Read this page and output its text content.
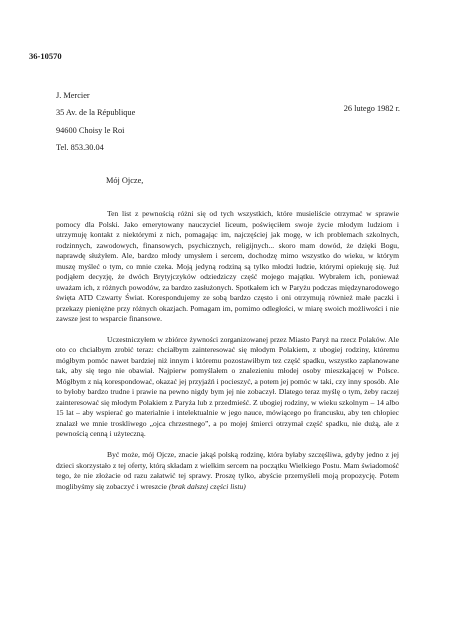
36-10570
J. Mercier
35 Av. de la République
94600 Choisy le Roi
Tel. 853.30.04
26 lutego 1982 r.
Mój Ojcze,

Ten list z pewnością różni się od tych wszystkich, które musieliście otrzymać w sprawie pomocy dla Polski. Jako emerytowany nauczyciel liceum, poświęciłem swoje życie młodym ludziom i utrzymuję kontakt z niektórymi z nich, pomagając im, najczęściej jak mogę, w ich problemach szkolnych, rodzinnych, zawodowych, finansowych, psychicznych, religijnych... skoro mam dowód, że dzięki Bogu, naprawdę służyłem. Ale, bardzo młody umysłem i sercem, dochodzę mimo wszystko do wieku, w którym muszę myśleć o tym, co mnie czeka. Moją jedyną rodziną są tylko młodzi ludzie, którymi opiekuję się. Już podjąłem decyzję, że dwóch Brytyjczyków odziedziczy część mojego majątku. Wybrałem ich, ponieważ uważam ich, z różnych powodów, za bardzo zasłużonych. Spotkałem ich w Paryżu podczas międzynarodowego święta ATD Czwarty Świat. Korespondujemy ze sobą bardzo często i oni otrzymują również małe paczki i przekazy pieniężne przy różnych okazjach. Pomagam im, pomimo odległości, w miarę swoich możliwości i nie zawsze jest to wsparcie finansowe.

Uczestniczyłem w zbiórce żywności zorganizowanej przez Miasto Paryż na rzecz Polaków. Ale oto co chciałbym zrobić teraz: chciałbym zainteresować się młodym Polakiem, z ubogiej rodziny, któremu mógłbym pomóc nawet bardziej niż innym i któremu pozostawiłbym tez część spadku, wszystko zaplanowane tak, aby się tego nie obawiał. Najpierw pomyślałem o znalezieniu młodej osoby mieszkającej w Polsce. Mógłbym z nią korespondować, okazać jej przyjaźń i pocieszyć, a potem jej pomóc w taki, czy inny sposób. Ale to byłoby bardzo trudne i prawie na pewno nigdy bym jej nie zobaczył. Dlatego teraz myślę o tym, żeby raczej zainteresować się młodym Polakiem z Paryża lub z przedmieść. Z ubogiej rodziny, w wieku szkolnym – 14 albo 15 lat – aby wspierać go materialnie i intelektualnie w jego nauce, mówiącego po francusku, aby ten chłopiec znalazł we mnie troskliwego „ojca chrzestnego”, a po mojej śmierci otrzymał część spadku, nie dużą, ale z pewnością cenną i użyteczną.

Być może, mój Ojcze, znacie jakąś polską rodzinę, która byłaby szczęśliwa, gdyby jedno z jej dzieci skorzystało z tej oferty, którą składam z wielkim sercem na początku Wielkiego Postu. Mam świadomość tego, że nie złożacie od razu załatwić tej sprawy. Proszę tylko, abyście przemyśleli moją propozycję. Potem moglibyśmy się zobaczyć i wreszcie (brak dalszej części listu)
